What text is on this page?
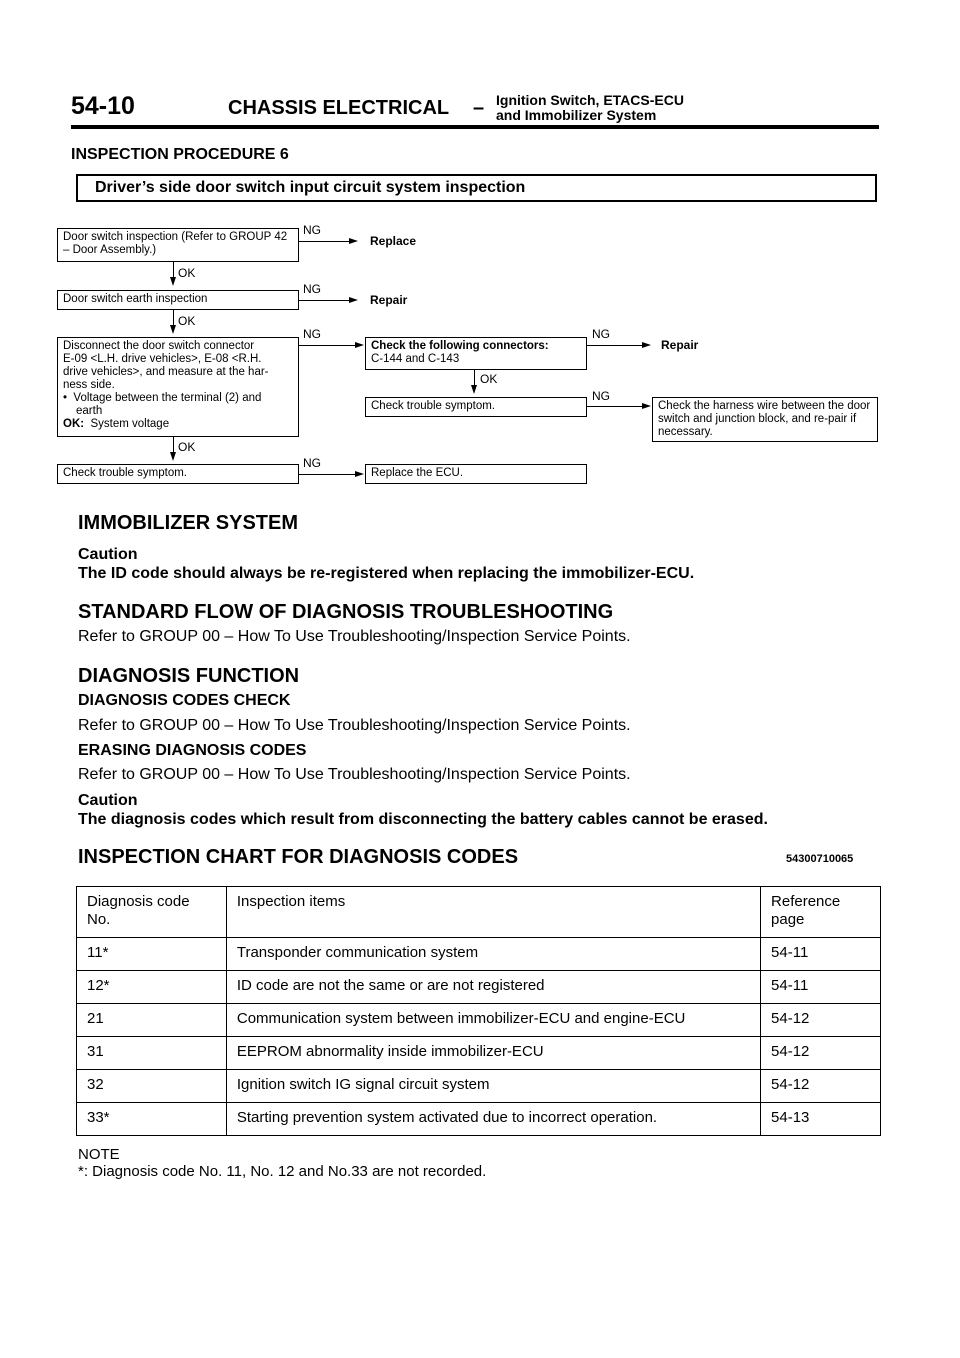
54-10	CHASSIS ELECTRICAL – Ignition Switch, ETACS-ECU
and Immobilizer System
INSPECTION PROCEDURE 6
Driver’s side door switch input circuit system inspection
Door switch inspection (Refer to GROUP 42 – Door Assembly.)
NG
Replace
OK
Door switch earth inspection
NG
Repair
OK
Disconnect the door switch connector
E-09 <L.H. drive vehicles>, E-08 <R.H.
drive vehicles>, and measure at the har-
ness side.
• Voltage between the terminal (2) and
earth
OK: System voltage
NG
OK
Check trouble symptom.
NG
Replace the ECU.
Check the following connectors:
C-144 and C-143
NG
Repair
OK
Check trouble symptom.
NG
Check the harness wire between the door switch and junction block, and re-pair if necessary.
IMMOBILIZER SYSTEM
Caution
The ID code should always be re-registered when replacing the immobilizer-ECU.
STANDARD FLOW OF DIAGNOSIS TROUBLESHOOTING
Refer to GROUP 00 – How To Use Troubleshooting/Inspection Service Points.
DIAGNOSIS FUNCTION
DIAGNOSIS CODES CHECK
Refer to GROUP 00 – How To Use Troubleshooting/Inspection Service Points.
ERASING DIAGNOSIS CODES
Refer to GROUP 00 – How To Use Troubleshooting/Inspection Service Points.
Caution
The diagnosis codes which result from disconnecting the battery cables cannot be erased.
INSPECTION CHART FOR DIAGNOSIS CODES	54300710065
Diagnosis code No.	Inspection items	Reference page
11*	Transponder communication system	54-11
12*	ID code are not the same or are not registered	54-11
21	Communication system between immobilizer-ECU and engine-ECU	54-12
31	EEPROM abnormality inside immobilizer-ECU	54-12
32	Ignition switch IG signal circuit system	54-12
33*	Starting prevention system activated due to incorrect operation.	54-13
NOTE
*: Diagnosis code No. 11, No. 12 and No.33 are not recorded.
